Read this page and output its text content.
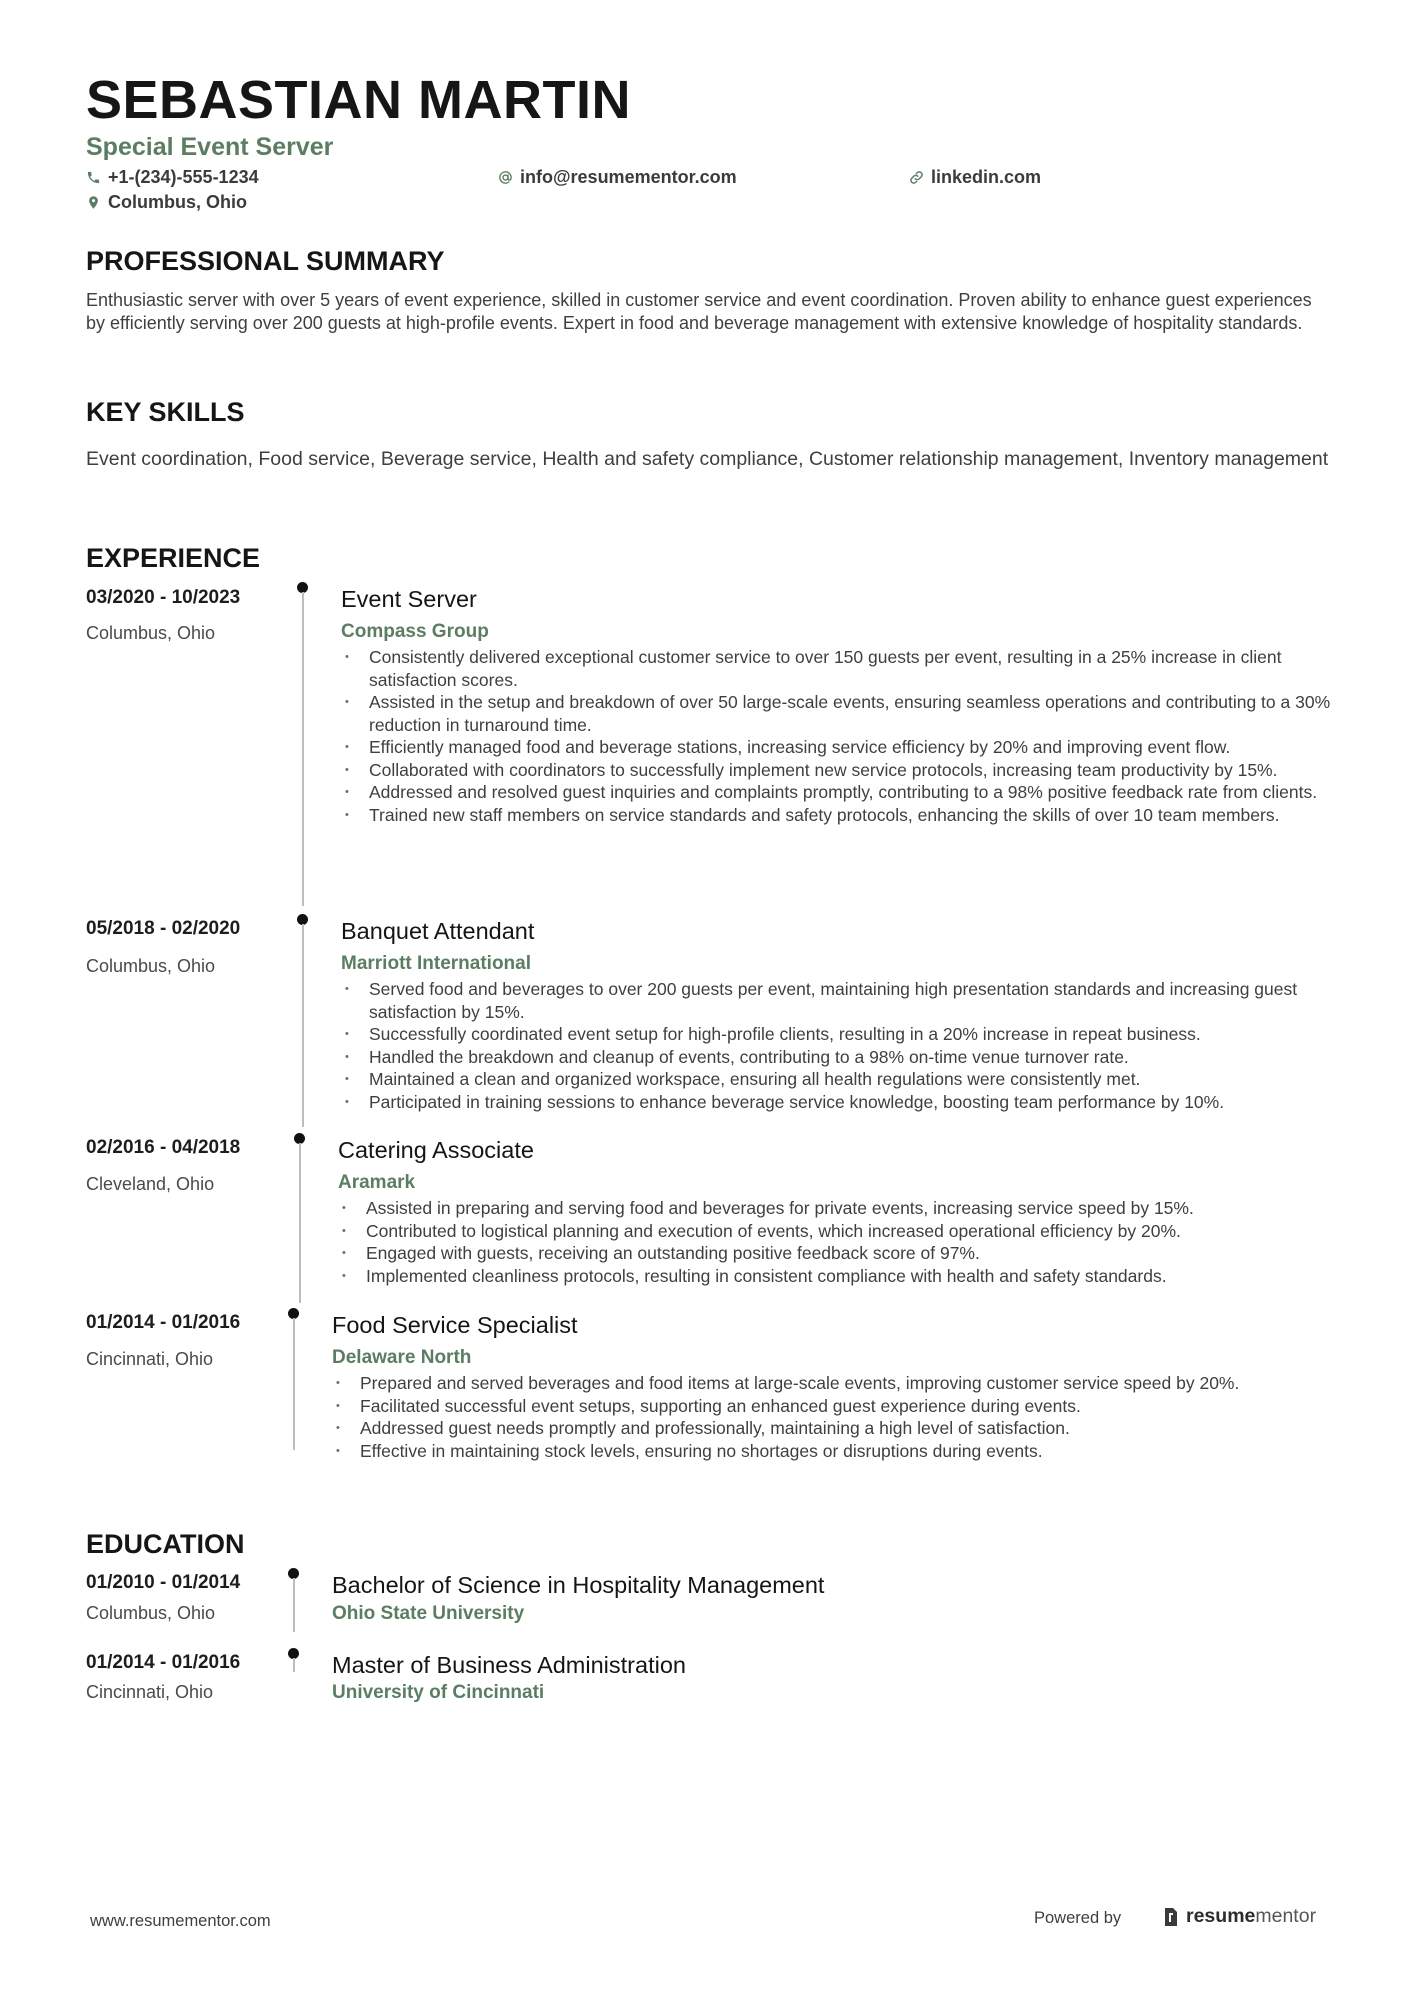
SEBASTIAN MARTIN
Special Event Server
+1-(234)-555-1234	info@resumementor.com	linkedin.com
Columbus, Ohio
PROFESSIONAL SUMMARY

Enthusiastic server with over 5 years of event experience, skilled in customer service and event coordination. Proven ability to enhance guest experiences by efficiently serving over 200 guests at high-profile events. Expert in food and beverage management with extensive knowledge of hospitality standards.

KEY SKILLS

Event coordination, Food service, Beverage service, Health and safety compliance, Customer relationship management, Inventory management

EXPERIENCE
03/2020 - 10/2023
Columbus, Ohio
Event Server
Compass Group
• Consistently delivered exceptional customer service to over 150 guests per event, resulting in a 25% increase in client satisfaction scores.
• Assisted in the setup and breakdown of over 50 large-scale events, ensuring seamless operations and contributing to a 30% reduction in turnaround time.
• Efficiently managed food and beverage stations, increasing service efficiency by 20% and improving event flow.
• Collaborated with coordinators to successfully implement new service protocols, increasing team productivity by 15%.
• Addressed and resolved guest inquiries and complaints promptly, contributing to a 98% positive feedback rate from clients.
• Trained new staff members on service standards and safety protocols, enhancing the skills of over 10 team members.
05/2018 - 02/2020
Columbus, Ohio
Banquet Attendant
Marriott International
• Served food and beverages to over 200 guests per event, maintaining high presentation standards and increasing guest satisfaction by 15%.
• Successfully coordinated event setup for high-profile clients, resulting in a 20% increase in repeat business.
• Handled the breakdown and cleanup of events, contributing to a 98% on-time venue turnover rate.
• Maintained a clean and organized workspace, ensuring all health regulations were consistently met.
• Participated in training sessions to enhance beverage service knowledge, boosting team performance by 10%.
02/2016 - 04/2018
Cleveland, Ohio
Catering Associate
Aramark
• Assisted in preparing and serving food and beverages for private events, increasing service speed by 15%.
• Contributed to logistical planning and execution of events, which increased operational efficiency by 20%.
• Engaged with guests, receiving an outstanding positive feedback score of 97%.
• Implemented cleanliness protocols, resulting in consistent compliance with health and safety standards.
01/2014 - 01/2016
Cincinnati, Ohio
Food Service Specialist
Delaware North
• Prepared and served beverages and food items at large-scale events, improving customer service speed by 20%.
• Facilitated successful event setups, supporting an enhanced guest experience during events.
• Addressed guest needs promptly and professionally, maintaining a high level of satisfaction.
• Effective in maintaining stock levels, ensuring no shortages or disruptions during events.
EDUCATION
01/2010 - 01/2014
Columbus, Ohio
Bachelor of Science in Hospitality Management
Ohio State University
01/2014 - 01/2016
Cincinnati, Ohio
Master of Business Administration
University of Cincinnati
www.resumementor.com	Powered by	resume mentor
